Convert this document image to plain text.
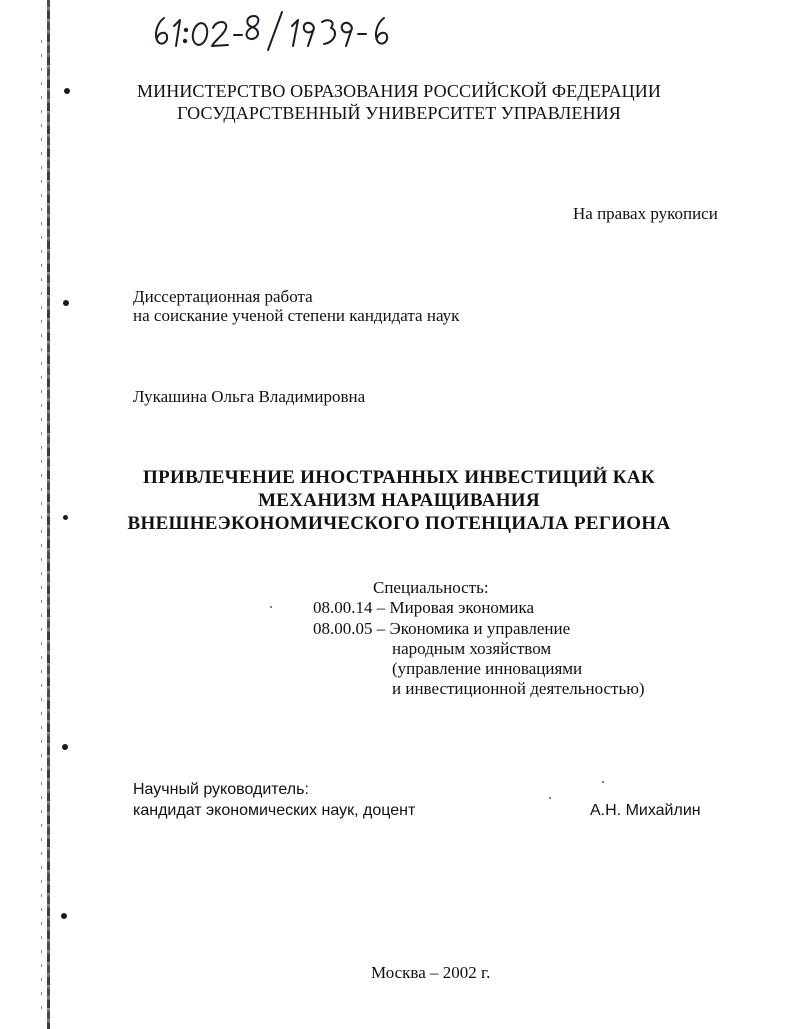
МИНИСТЕРСТВО ОБРАЗОВАНИЯ РОССИЙСКОЙ ФЕДЕРАЦИИ
ГОСУДАРСТВЕННЫЙ УНИВЕРСИТЕТ УПРАВЛЕНИЯ
На правах рукописи
Диссертационная работа
на соискание ученой степени кандидата наук
Лукашина Ольга Владимировна
ПРИВЛЕЧЕНИЕ ИНОСТРАННЫХ ИНВЕСТИЦИЙ КАК
МЕХАНИЗМ НАРАЩИВАНИЯ
ВНЕШНЕЭКОНОМИЧЕСКОГО ПОТЕНЦИАЛА РЕГИОНА
Специальность:
08.00.14 – Мировая экономика
08.00.05 – Экономика и управление
народным хозяйством
(управление инновациями
и инвестиционной деятельностью)
Научный руководитель:
кандидат экономических наук, доцент	А.Н. Михайлин
Москва – 2002 г.
